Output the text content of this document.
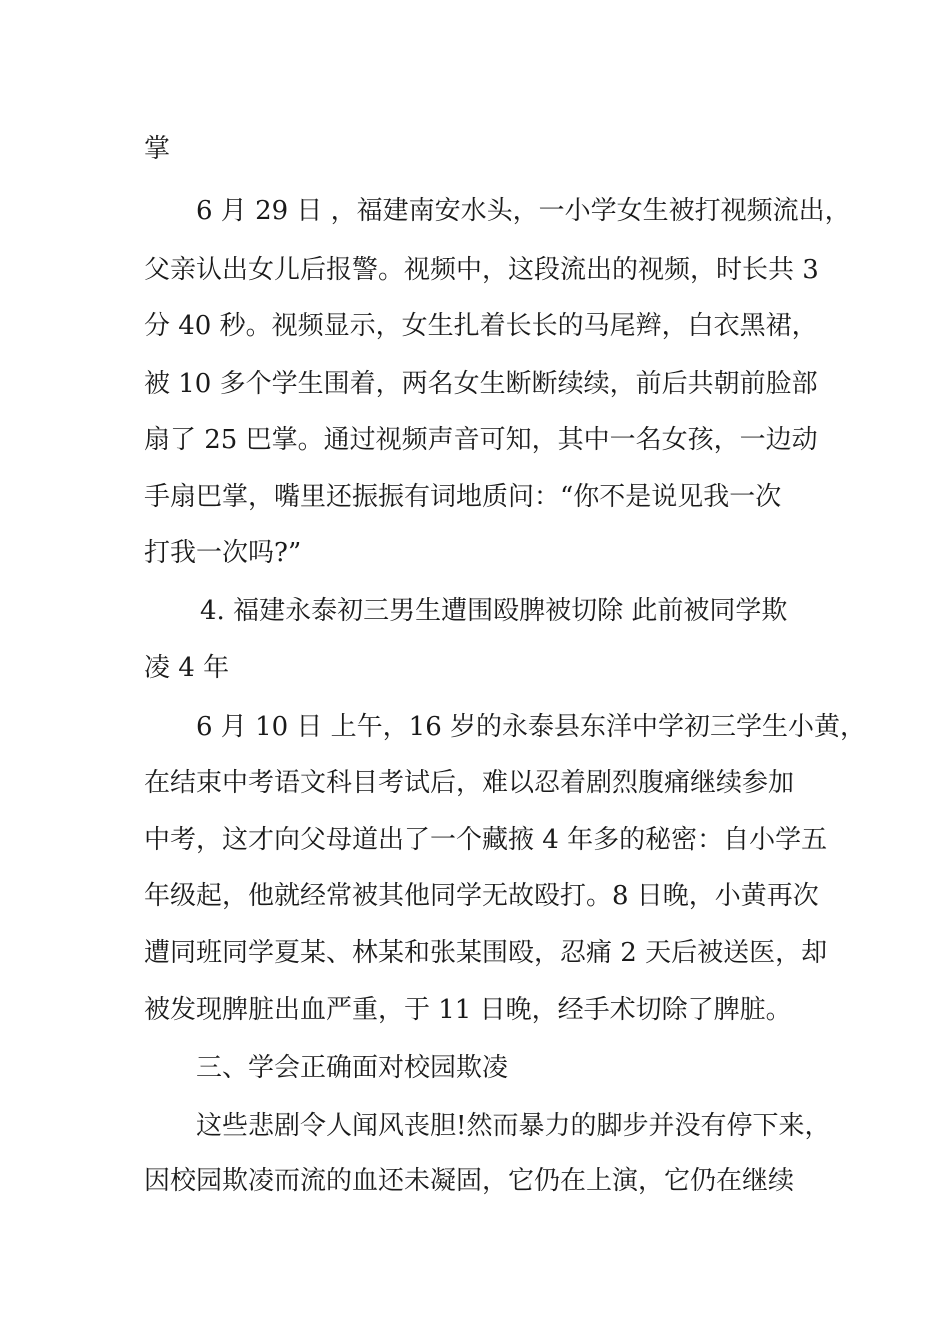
掌
6 月 29 日 ，福建南安水头，一小学女生被打视频流出，
父亲认出女儿后报警。视频中，这段流出的视频，时长共 3
分 40 秒。视频显示，女生扎着长长的马尾辫，白衣黑裙，
被 10 多个学生围着，两名女生断断续续，前后共朝前脸部
扇了 25 巴掌。通过视频声音可知，其中一名女孩，一边动
手扇巴掌，嘴里还振振有词地质问：“你不是说见我一次
打我一次吗?”
4. 福建永泰初三男生遭围殴脾被切除 此前被同学欺
凌 4 年
6 月 10 日 上午，16 岁的永泰县东洋中学初三学生小黄，
在结束中考语文科目考试后，难以忍着剧烈腹痛继续参加
中考，这才向父母道出了一个藏掖 4 年多的秘密：自小学五
年级起，他就经常被其他同学无故殴打。8 日晚，小黄再次
遭同班同学夏某、林某和张某围殴，忍痛 2 天后被送医，却
被发现脾脏出血严重，于 11 日晚，经手术切除了脾脏。
三、学会正确面对校园欺凌
这些悲剧令人闻风丧胆!然而暴力的脚步并没有停下来，
因校园欺凌而流的血还未凝固，它仍在上演，它仍在继续
